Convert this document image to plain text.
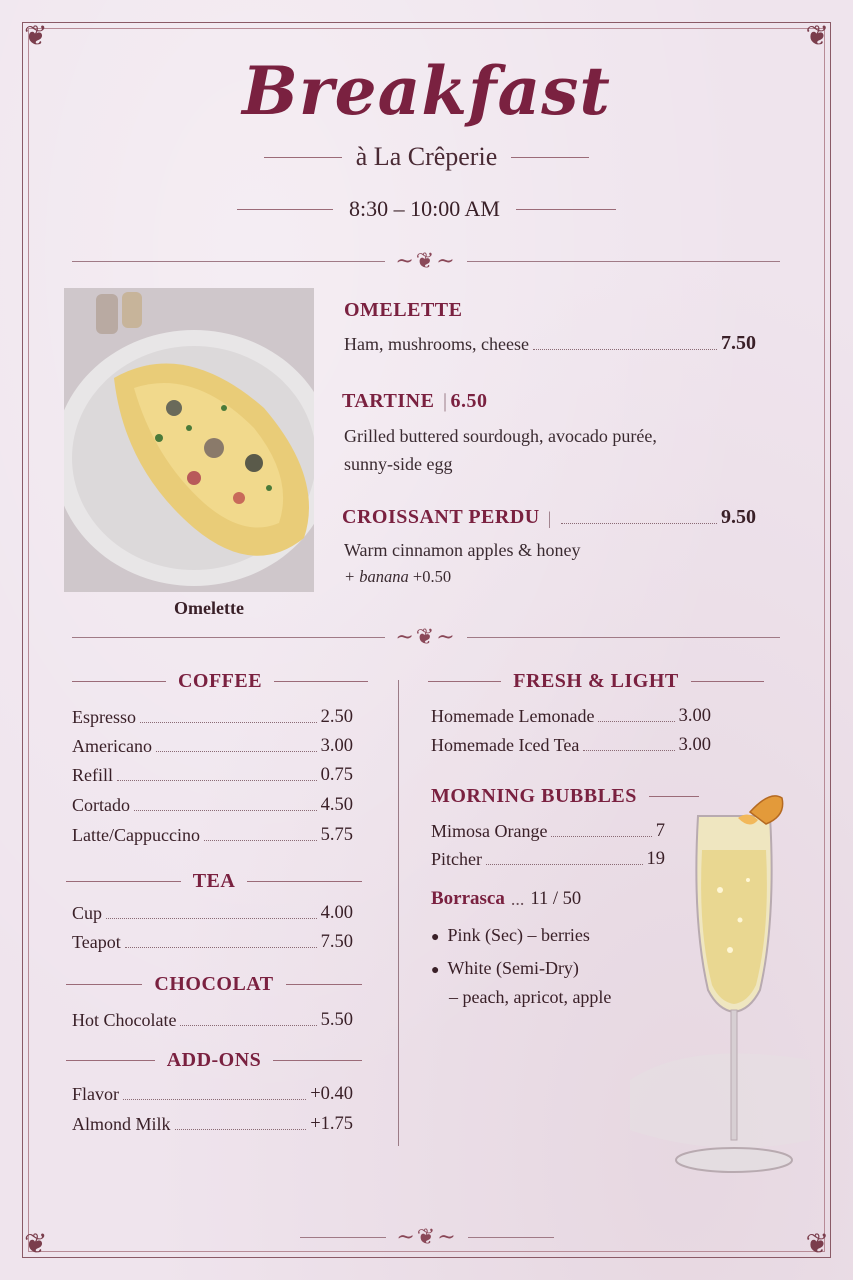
❦	❦
❦	❦
Breakfast
à La Crêperie
8:30 – 10:00 AM
~❦~
Omelette
OMELETTE
Ham, mushrooms, cheese	7.50
TARTINE | 6.50
Grilled buttered sourdough, avocado purée,
sunny-side egg
CROISSANT PERDU |	9.50
Warm cinnamon apples & honey
+ banana +0.50
~❦~
COFFEE
Espresso	2.50
Americano	3.00
Refill	0.75
Cortado	4.50
Latte/Cappuccino	5.75
TEA
Cup	4.00
Teapot	7.50
CHOCOLAT
Hot Chocolate	5.50
ADD-ONS
Flavor	+0.40
Almond Milk	+1.75
FRESH & LIGHT
Homemade Lemonade	3.00
Homemade Iced Tea	3.00
MORNING BUBBLES
Mimosa Orange	7
Pitcher	19
Borrasca ... 11 / 50
● Pink (Sec) – berries
● White (Semi-Dry)
– peach, apricot, apple
~❦~
